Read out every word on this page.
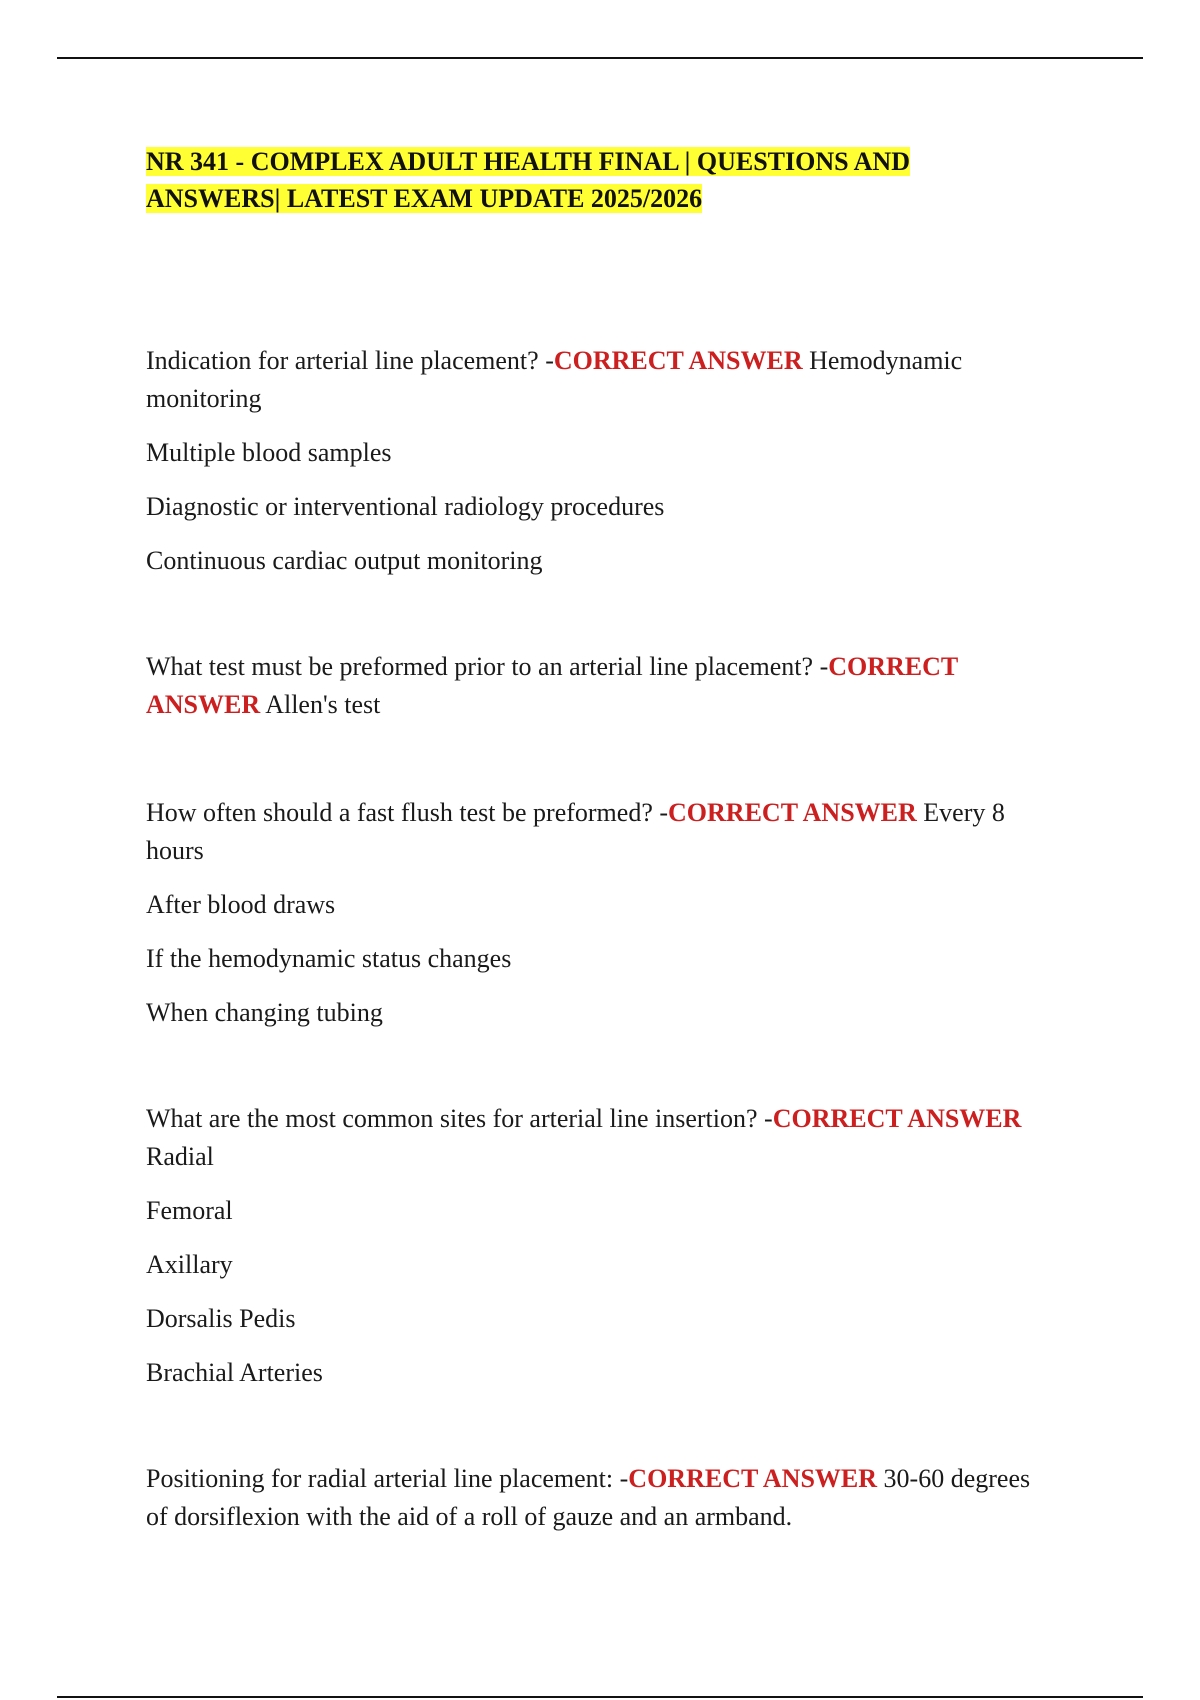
NR 341 - COMPLEX ADULT HEALTH FINAL | QUESTIONS AND ANSWERS| LATEST EXAM UPDATE 2025/2026

Indication for arterial line placement? -CORRECT ANSWER Hemodynamic monitoring

Multiple blood samples

Diagnostic or interventional radiology procedures

Continuous cardiac output monitoring

What test must be preformed prior to an arterial line placement? -CORRECT ANSWER Allen's test

How often should a fast flush test be preformed? -CORRECT ANSWER Every 8 hours

After blood draws

If the hemodynamic status changes

When changing tubing

What are the most common sites for arterial line insertion? -CORRECT ANSWER Radial

Femoral

Axillary

Dorsalis Pedis

Brachial Arteries

Positioning for radial arterial line placement: -CORRECT ANSWER 30-60 degrees of dorsiflexion with the aid of a roll of gauze and an armband.
